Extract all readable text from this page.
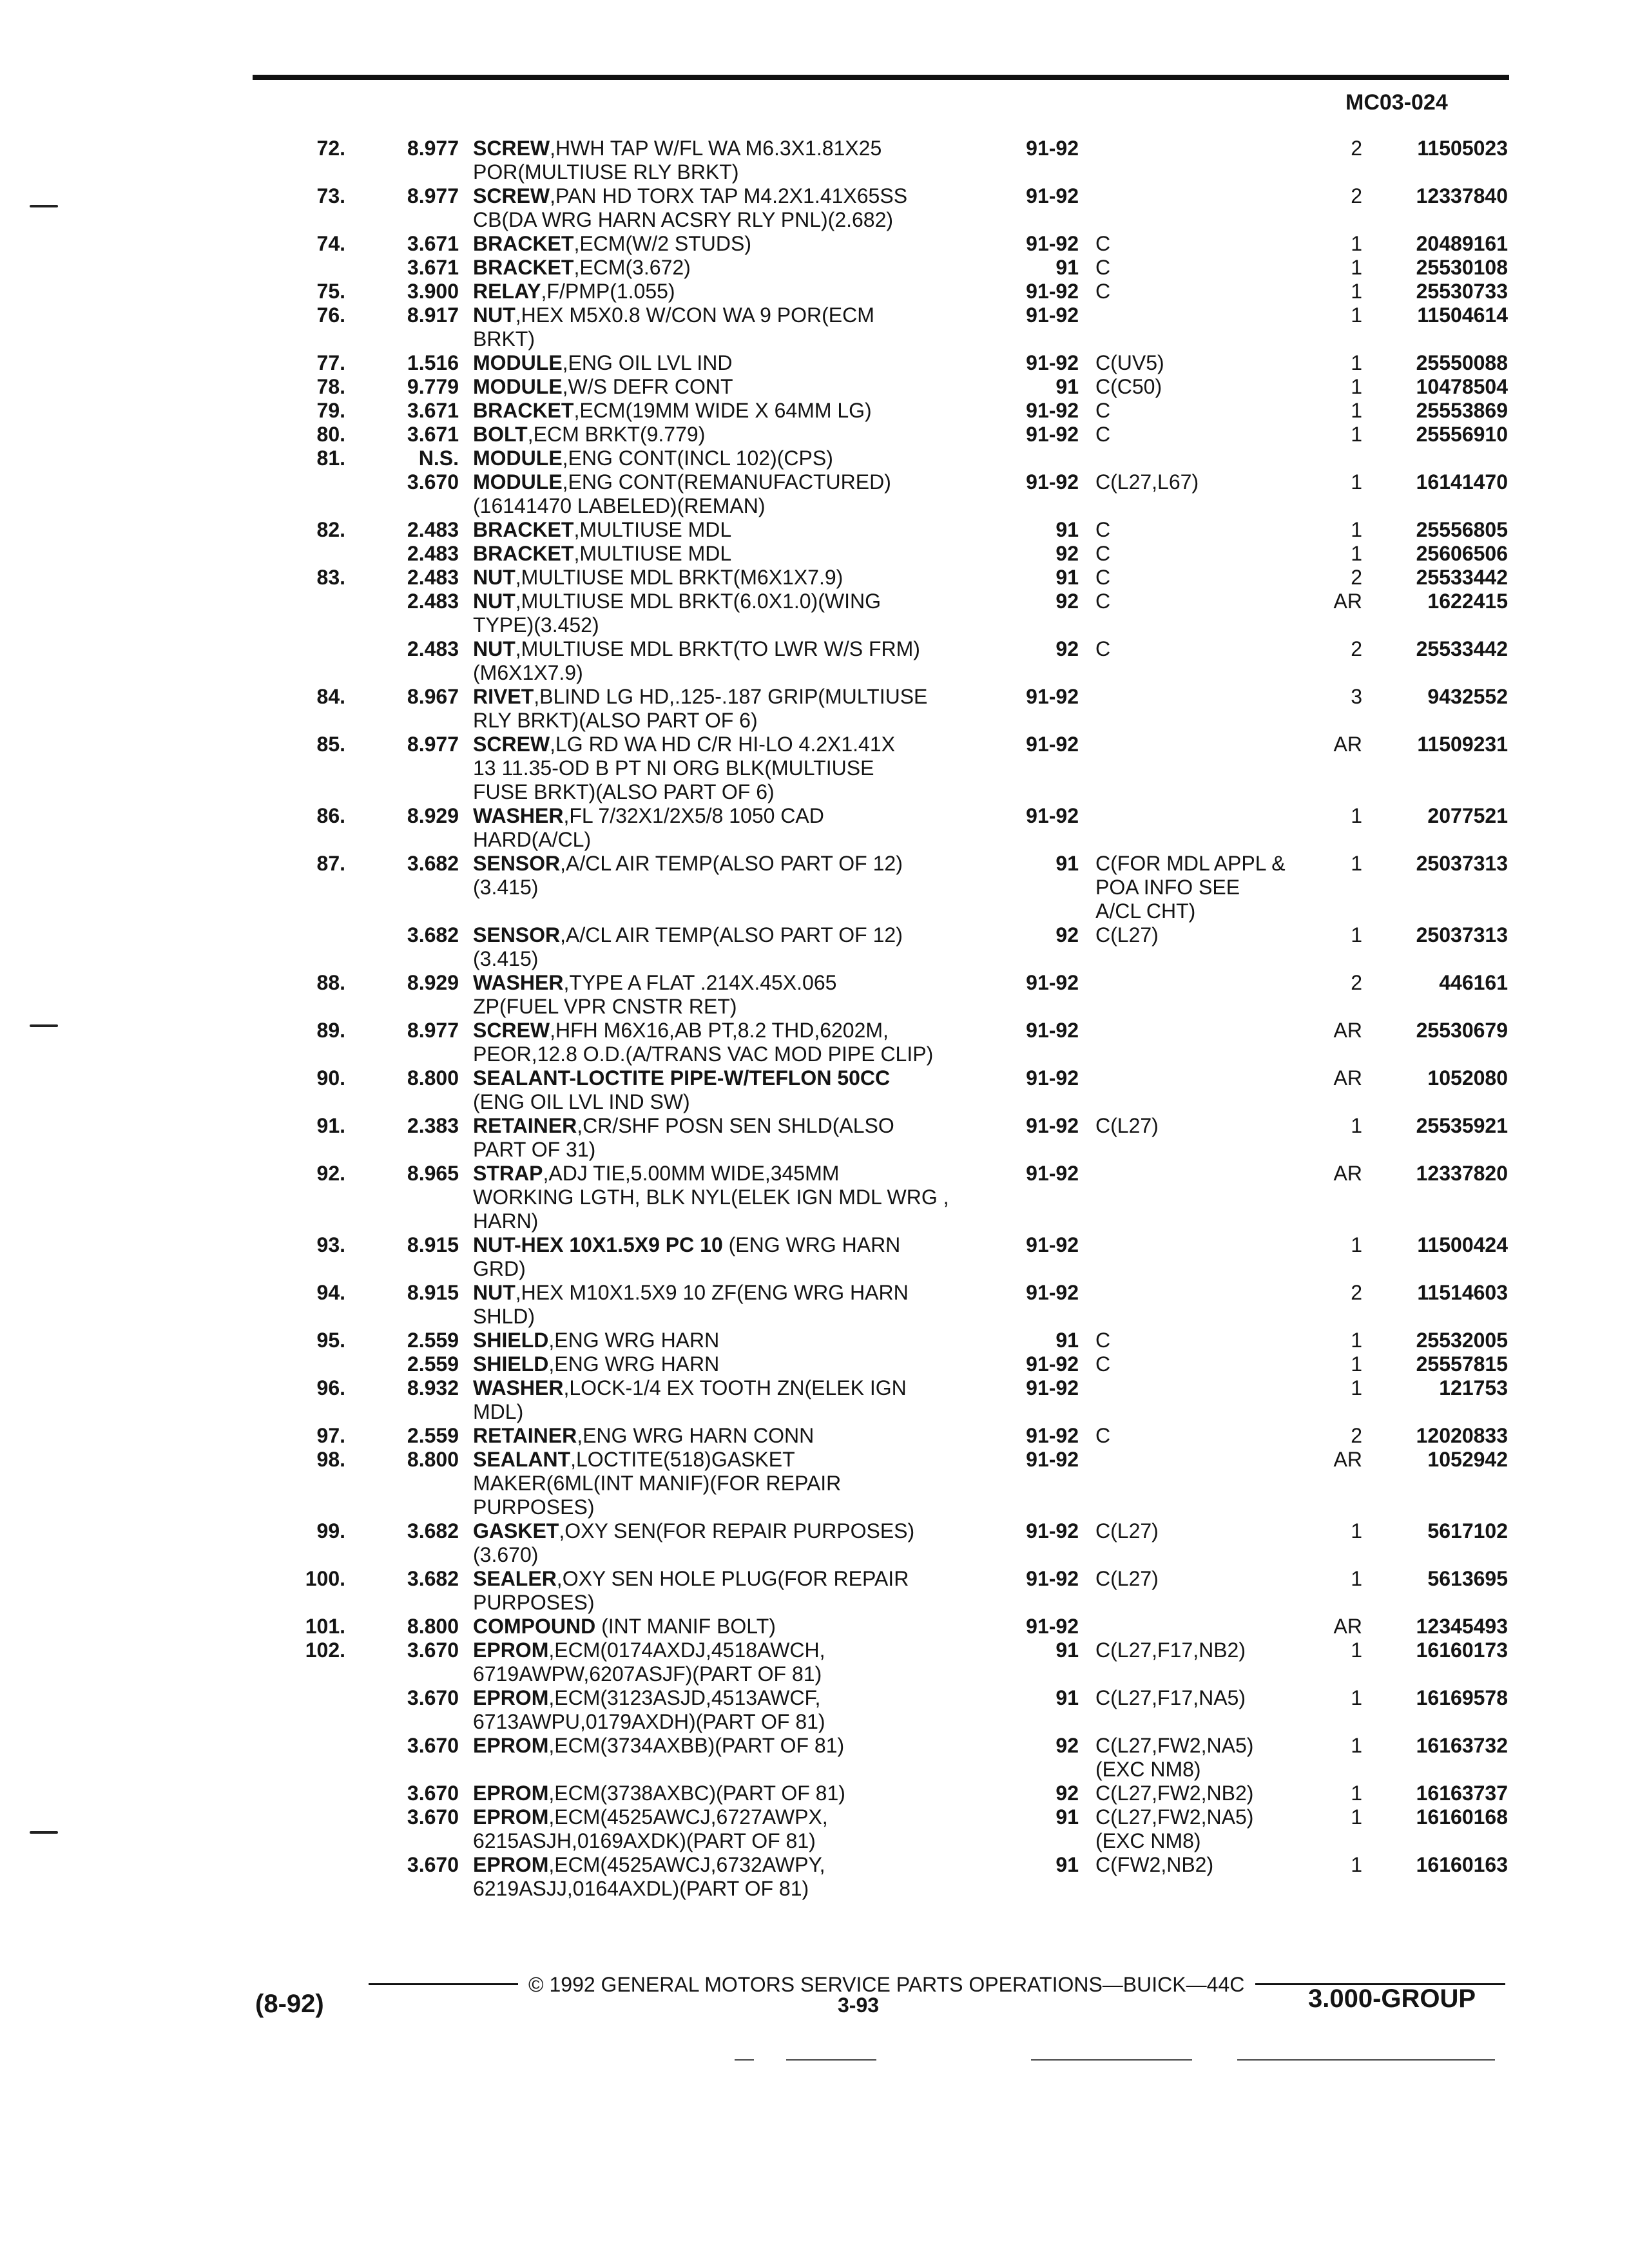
MC03-024
72.	8.977 SCREW,HWH TAP W/FL WA M6.3X1.81X25
POR(MULTIUSE RLY BRKT)
91-92	2	11505023
73.	8.977 SCREW,PAN HD TORX TAP M4.2X1.41X65SS
CB(DA WRG HARN ACSRY RLY PNL)(2.682)
91-92	2	12337840
74.	3.671 BRACKET,ECM(W/2 STUDS)	91-92 C	1	20489161
3.671 BRACKET,ECM(3.672)	91 C	1	25530108
75.	3.900 RELAY,F/PMP(1.055)	91-92 C	1	25530733
76.	8.917 NUT,HEX M5X0.8 W/CON WA 9 POR(ECM
BRKT)
91-92	1	11504614
77.	1.516 MODULE,ENG OIL LVL IND	91-92 C(UV5)	1	25550088
78.	9.779 MODULE,W/S DEFR CONT	91 C(C50)	1	10478504
79.	3.671 BRACKET,ECM(19MM WIDE X 64MM LG)	91-92 C	1	25553869
80.	3.671 BOLT,ECM BRKT(9.779)	91-92 C	1	25556910
81.	N.S. MODULE,ENG CONT(INCL 102)(CPS)
3.670 MODULE,ENG CONT(REMANUFACTURED)
(16141470 LABELED)(REMAN)
91-92 C(L27,L67)	1	16141470
82.	2.483 BRACKET,MULTIUSE MDL	91 C	1	25556805
2.483 BRACKET,MULTIUSE MDL	92 C	1	25606506
83.	2.483 NUT,MULTIUSE MDL BRKT(M6X1X7.9)	91 C	2	25533442
2.483 NUT,MULTIUSE MDL BRKT(6.0X1.0)(WING
TYPE)(3.452)
92 C	AR	1622415
2.483 NUT,MULTIUSE MDL BRKT(TO LWR W/S FRM)
(M6X1X7.9)
92 C	2	25533442
84.	8.967 RIVET,BLIND LG HD,.125-.187 GRIP(MULTIUSE
RLY BRKT)(ALSO PART OF 6)
91-92	3	9432552
85.	8.977 SCREW,LG RD WA HD C/R HI-LO 4.2X1.41X
13 11.35-OD B PT NI ORG BLK(MULTIUSE
FUSE BRKT)(ALSO PART OF 6)
91-92	AR	11509231
86.	8.929 WASHER,FL 7/32X1/2X5/8 1050 CAD
HARD(A/CL)
91-92	1	2077521
87.	3.682 SENSOR,A/CL AIR TEMP(ALSO PART OF 12)
(3.415)
91 C(FOR MDL APPL &
POA INFO SEE
A/CL CHT)
1	25037313
3.682 SENSOR,A/CL AIR TEMP(ALSO PART OF 12)
(3.415)
92 C(L27)	1	25037313
88.	8.929 WASHER,TYPE A FLAT .214X.45X.065
ZP(FUEL VPR CNSTR RET)
91-92	2	446161
89.	8.977 SCREW,HFH M6X16,AB PT,8.2 THD,6202M,
PEOR,12.8 O.D.(A/TRANS VAC MOD PIPE CLIP)
91-92	AR	25530679
90.	8.800 SEALANT-LOCTITE PIPE-W/TEFLON 50CC
(ENG OIL LVL IND SW)
91-92	AR	1052080
91.	2.383 RETAINER,CR/SHF POSN SEN SHLD(ALSO
PART OF 31)
91-92 C(L27)	1	25535921
92.	8.965 STRAP,ADJ TIE,5.00MM WIDE,345MM
WORKING LGTH, BLK NYL(ELEK IGN MDL WRG ,
HARN)
91-92	AR	12337820
93.	8.915 NUT-HEX 10X1.5X9 PC 10 (ENG WRG HARN
GRD)
91-92	1	11500424
94.	8.915 NUT,HEX M10X1.5X9 10 ZF(ENG WRG HARN
SHLD)
91-92	2	11514603
95.	2.559 SHIELD,ENG WRG HARN	91 C	1	25532005
2.559 SHIELD,ENG WRG HARN	91-92 C	1	25557815
96.	8.932 WASHER,LOCK-1/4 EX TOOTH ZN(ELEK IGN
MDL)
91-92	1	121753
97.	2.559 RETAINER,ENG WRG HARN CONN	91-92 C	2	12020833
98.	8.800 SEALANT,LOCTITE(518)GASKET
MAKER(6ML(INT MANIF)(FOR REPAIR
PURPOSES)
91-92	AR	1052942
99.	3.682 GASKET,OXY SEN(FOR REPAIR PURPOSES)
(3.670)
91-92 C(L27)	1	5617102
100.	3.682 SEALER,OXY SEN HOLE PLUG(FOR REPAIR
PURPOSES)
91-92 C(L27)	1	5613695
101.	8.800 COMPOUND (INT MANIF BOLT)	91-92	AR	12345493
102.	3.670 EPROM,ECM(0174AXDJ,4518AWCH,
6719AWPW,6207ASJF)(PART OF 81)
91 C(L27,F17,NB2)	1	16160173
3.670 EPROM,ECM(3123ASJD,4513AWCF,
6713AWPU,0179AXDH)(PART OF 81)
91 C(L27,F17,NA5)	1	16169578
3.670 EPROM,ECM(3734AXBB)(PART OF 81)	92 C(L27,FW2,NA5)
(EXC NM8)
1	16163732
3.670 EPROM,ECM(3738AXBC)(PART OF 81)	92 C(L27,FW2,NB2)	1	16163737
3.670 EPROM,ECM(4525AWCJ,6727AWPX,
6215ASJH,0169AXDK)(PART OF 81)
91 C(L27,FW2,NA5)
(EXC NM8)
1	16160168
3.670 EPROM,ECM(4525AWCJ,6732AWPY,
6219ASJJ,0164AXDL)(PART OF 81)
91 C(FW2,NB2)	1	16160163
© 1992 GENERAL MOTORS SERVICE PARTS OPERATIONS—BUICK—44C
(8-92)	3-93	3.000-GROUP
